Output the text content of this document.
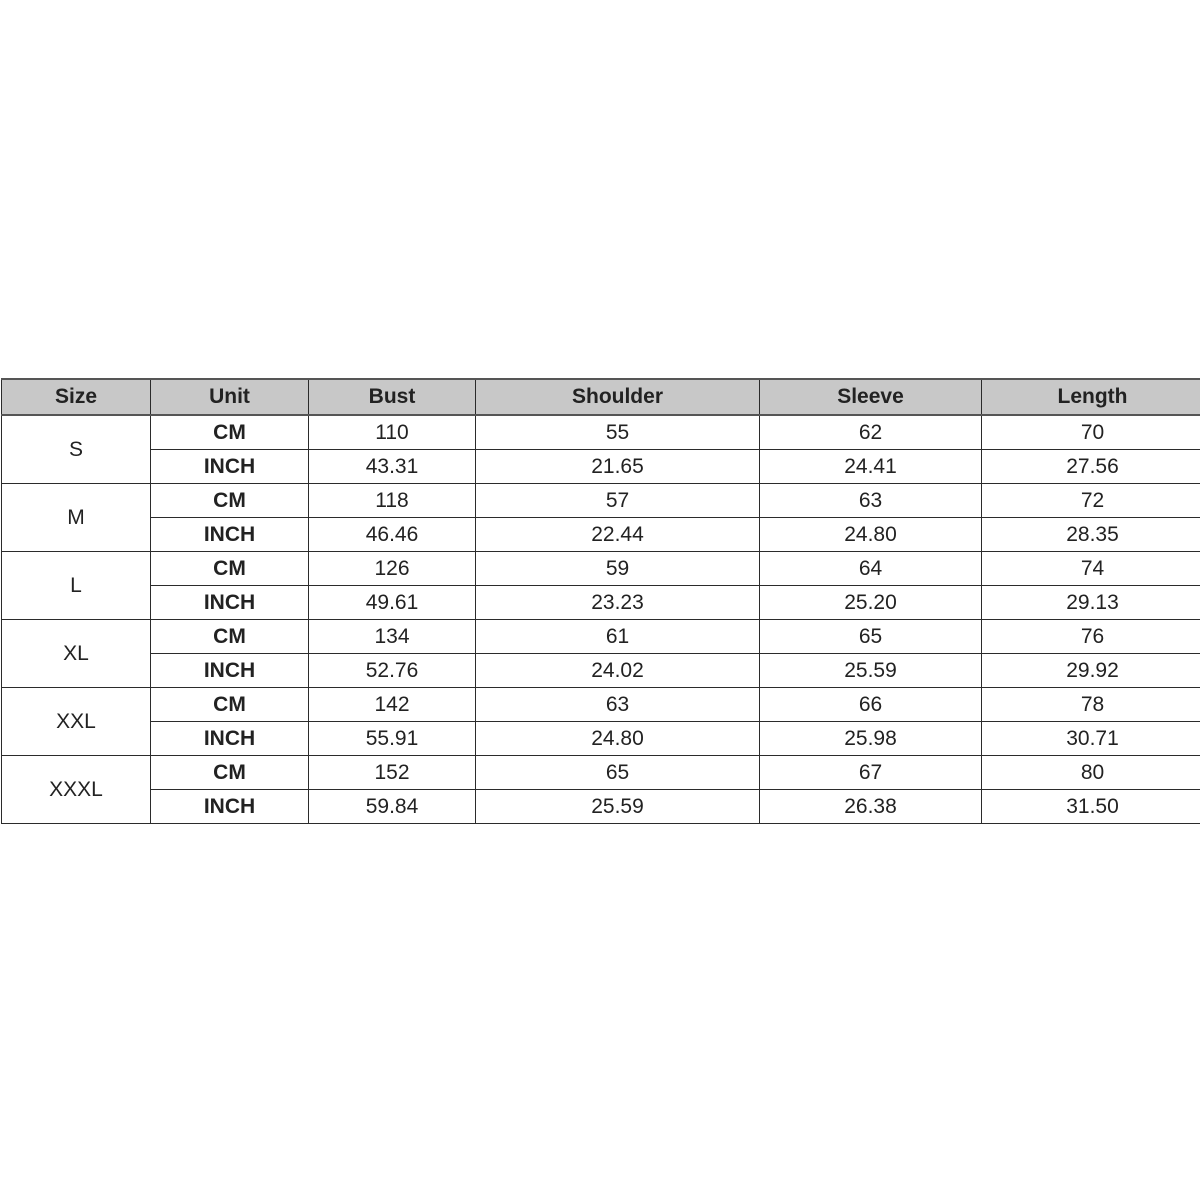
Size	Unit	Bust	Shoulder	Sleeve	Length
S	CM	110	55	62	70
	INCH	43.31	21.65	24.41	27.56
M	CM	118	57	63	72
	INCH	46.46	22.44	24.80	28.35
L	CM	126	59	64	74
	INCH	49.61	23.23	25.20	29.13
XL	CM	134	61	65	76
	INCH	52.76	24.02	25.59	29.92
XXL	CM	142	63	66	78
	INCH	55.91	24.80	25.98	30.71
XXXL	CM	152	65	67	80
	INCH	59.84	25.59	26.38	31.50
